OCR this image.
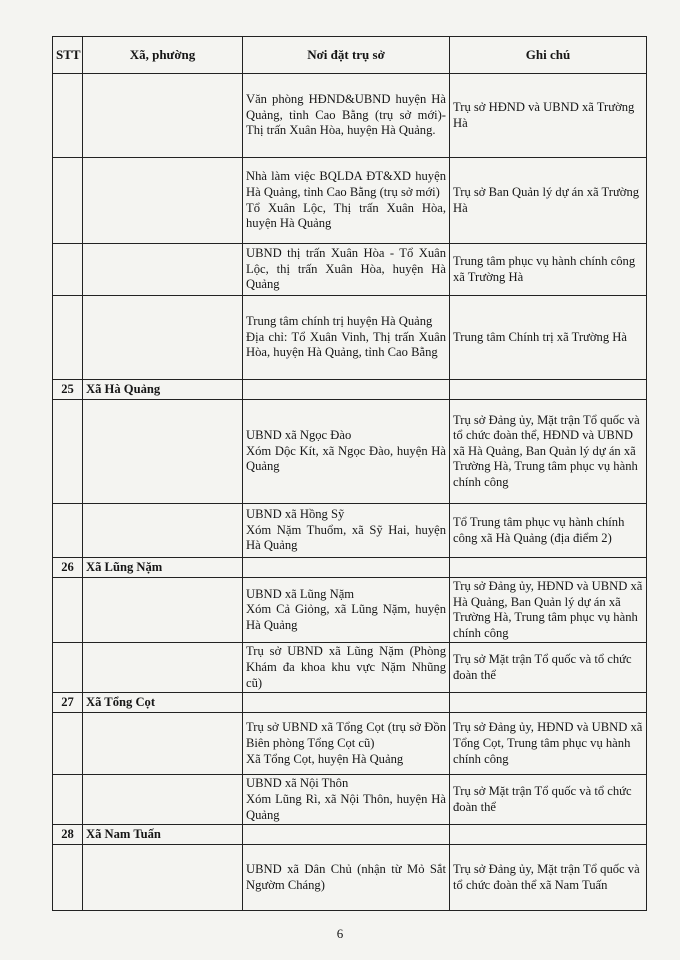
STT	Xã, phường	Nơi đặt trụ sở	Ghi chú

		Văn phòng HĐND&UBND huyện Hà Quảng, tỉnh Cao Bằng (trụ sở mới)- Thị trấn Xuân Hòa, huyện Hà Quảng.	Trụ sở HĐND và UBND xã Trường Hà

		Nhà làm việc BQLDA ĐT&XD huyện Hà Quảng, tỉnh Cao Bằng (trụ sở mới)
Tổ Xuân Lộc, Thị trấn Xuân Hòa, huyện Hà Quảng	Trụ sở Ban Quản lý dự án xã Trường Hà

		UBND thị trấn Xuân Hòa - Tổ Xuân Lộc, thị trấn Xuân Hòa, huyện Hà Quảng	Trung tâm phục vụ hành chính công xã Trường Hà

		Trung tâm chính trị huyện Hà Quảng
Địa chỉ: Tổ Xuân Vinh, Thị trấn Xuân Hòa, huyện Hà Quảng, tỉnh Cao Bằng	Trung tâm Chính trị xã Trường Hà
25	Xã Hà Quảng		

		UBND xã Ngọc Đào
Xóm Dộc Kít, xã Ngọc Đào, huyện Hà Quảng	Trụ sở Đảng ủy, Mặt trận Tổ quốc và tổ chức đoàn thể, HĐND và UBND xã Hà Quảng, Ban Quản lý dự án xã Trường Hà, Trung tâm phục vụ hành chính công

		UBND xã Hồng Sỹ
Xóm Nặm Thuổm, xã Sỹ Hai, huyện Hà Quảng	Tổ Trung tâm phục vụ hành chính công xã Hà Quảng (địa điểm 2)
26	Xã Lũng Nặm		

		UBND xã Lũng Nặm
Xóm Cả Giỏng, xã Lũng Nặm, huyện Hà Quảng	Trụ sở Đảng ủy, HĐND và UBND xã Hà Quảng, Ban Quản lý dự án xã Trường Hà, Trung tâm phục vụ hành chính công

		Trụ sở UBND xã Lũng Nặm (Phòng Khám đa khoa khu vực Nặm Nhũng cũ)	Trụ sở Mặt trận Tổ quốc và tổ chức đoàn thể
27	Xã Tổng Cọt		

		Trụ sở UBND xã Tổng Cọt (trụ sở Đồn Biên phòng Tổng Cọt cũ)
Xã Tổng Cọt, huyện Hà Quảng	Trụ sở Đảng ủy, HĐND và UBND xã Tổng Cọt, Trung tâm phục vụ hành chính công

		UBND xã Nội Thôn
Xóm Lũng Rì, xã Nội Thôn, huyện Hà Quảng	Trụ sở Mặt trận Tổ quốc và tổ chức đoàn thể
28	Xã Nam Tuấn		

		UBND xã Dân Chủ (nhận từ Mỏ Sắt Ngườm Cháng)	Trụ sở Đảng ủy, Mặt trận Tổ quốc và tổ chức đoàn thể xã Nam Tuấn
6
